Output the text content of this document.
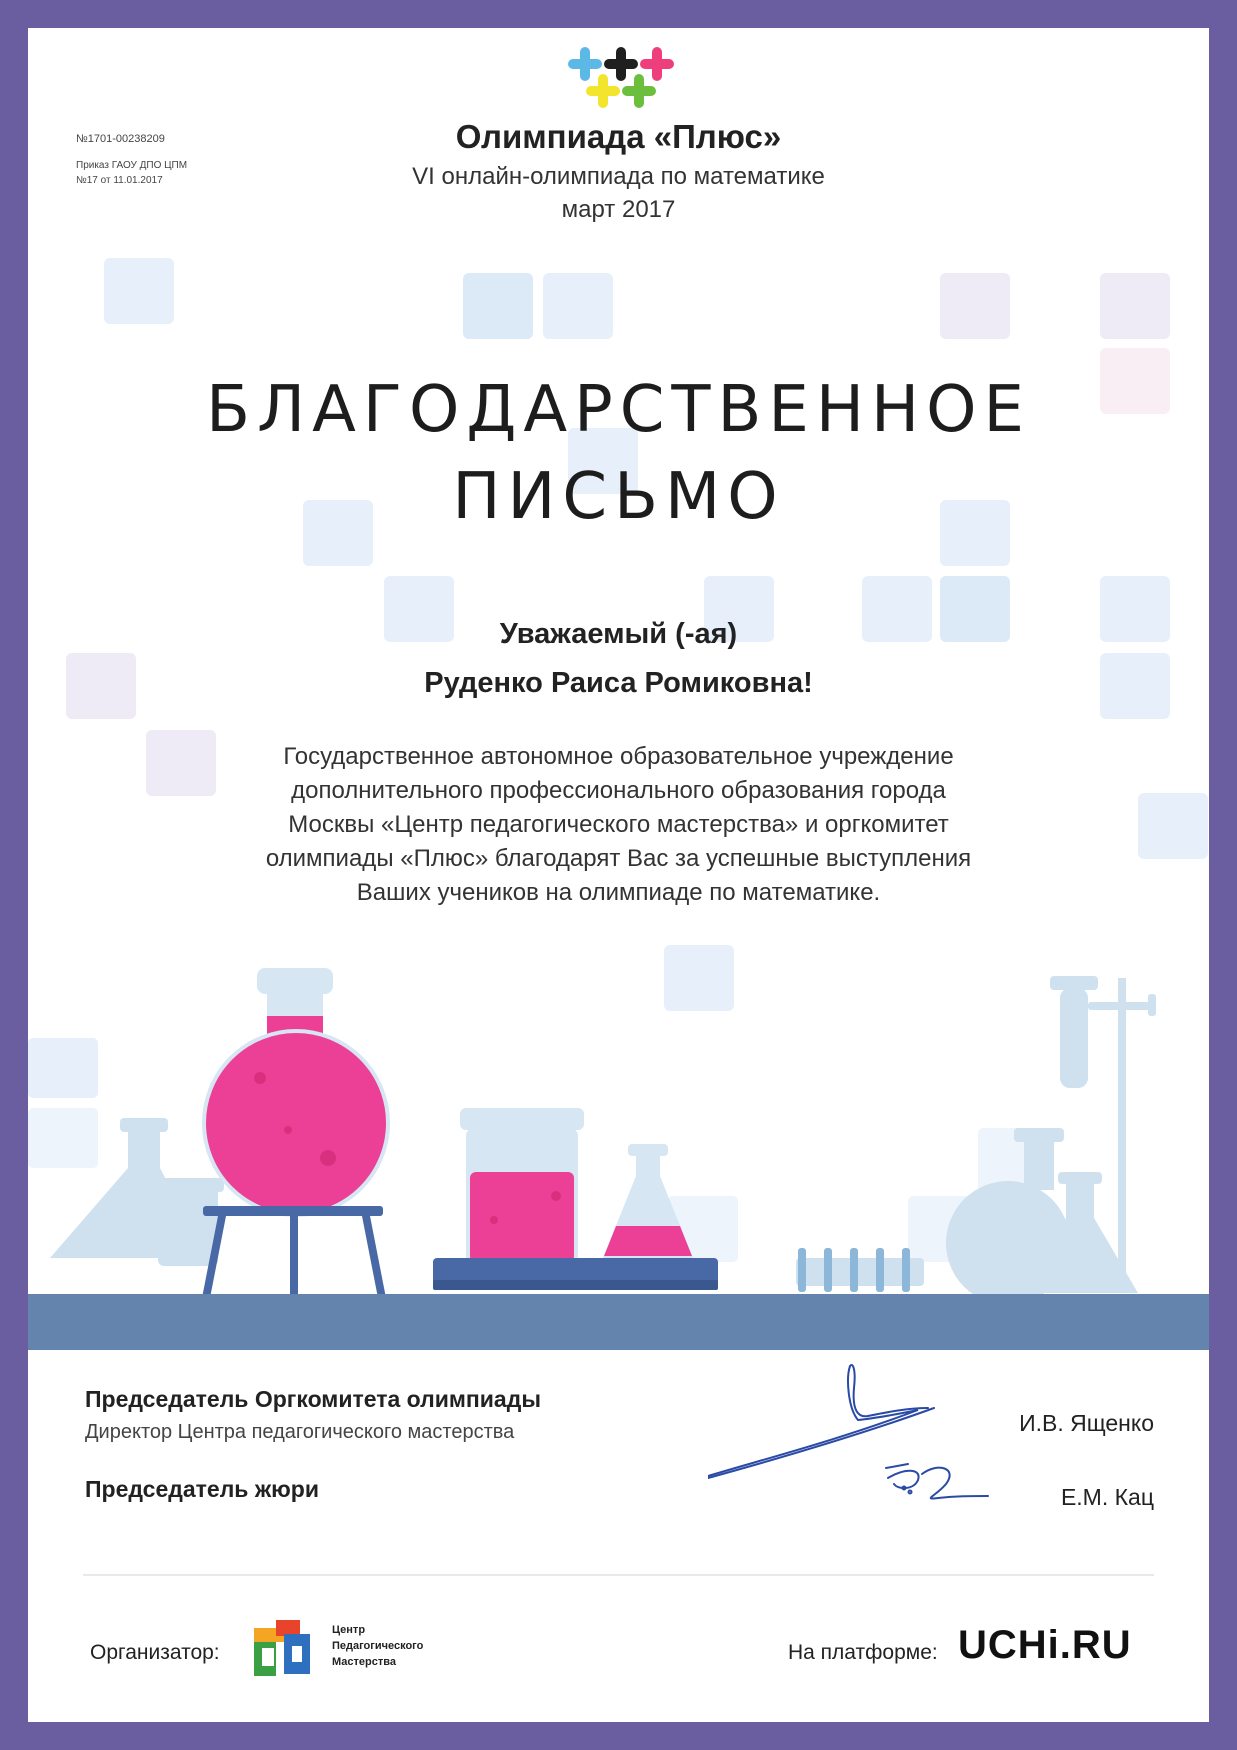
№1701-00238209
Приказ ГАОУ ДПО ЦПМ
№17 от 11.01.2017
Олимпиада «Плюс»
VI онлайн-олимпиада по математике
март 2017
БЛАГОДАРСТВЕННОЕ
ПИСЬМО
Уважаемый (-ая)
Руденко Раиса Ромиковна!
Государственное автономное образовательное учреждение
дополнительного профессионального образования города
Москвы «Центр педагогического мастерства» и оргкомитет
олимпиады «Плюс» благодарят Вас за успешные выступления
Ваших учеников на олимпиаде по математике.
Председатель Оргкомитета олимпиады
Директор Центра педагогического мастерства
Председатель жюри
И.В. Ященко
Е.М. Кац
Организатор:
Центр
Педагогического
Мастерства	На платформе: UCHi.RU
